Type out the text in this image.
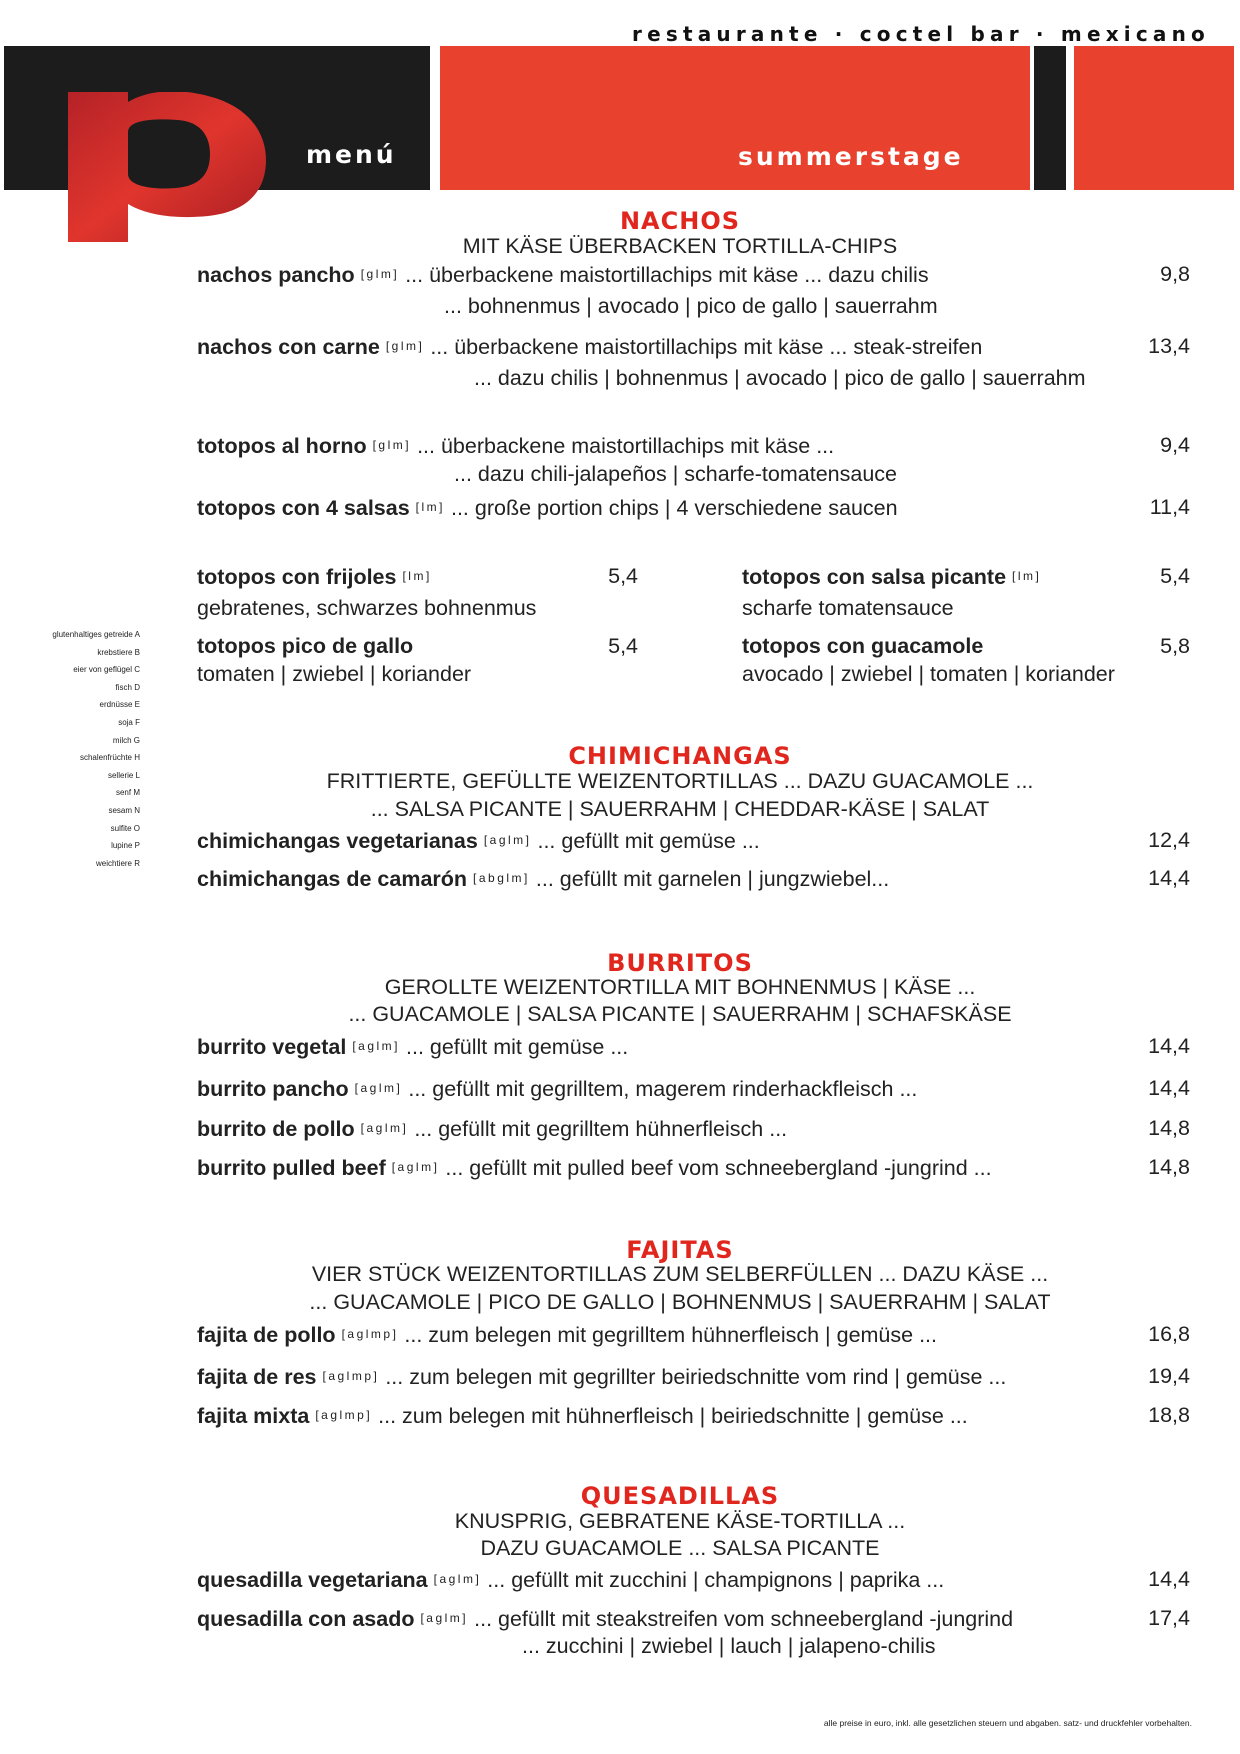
restaurante · coctel bar · mexicano
menú	summerstage
glutenhaltiges getreide A
krebstiere B
eier von geflügel C
fisch D
erdnüsse E
soja F
milch G
schalenfrüchte H
sellerie L
senf M
sesam N
sulfite O
lupine P
weichtiere R
NACHOS
MIT KÄSE ÜBERBACKEN TORTILLA-CHIPS
nachos pancho [glm] ... überbackene maistortillachips mit käse ... dazu chilis	9,8
... bohnenmus | avocado | pico de gallo | sauerrahm
nachos con carne [glm] ... überbackene maistortillachips mit käse ... steak-streifen	13,4
... dazu chilis | bohnenmus | avocado | pico de gallo | sauerrahm
totopos al horno [glm] ... überbackene maistortillachips mit käse ...	9,4
... dazu chili-jalapeños | scharfe-tomatensauce
totopos con 4 salsas [lm] ... große portion chips | 4 verschiedene saucen	11,4
totopos con frijoles [lm]	5,4
gebratenes, schwarzes bohnenmus
totopos con salsa picante [lm]	5,4
scharfe tomatensauce
totopos pico de gallo	5,4
tomaten | zwiebel | koriander
totopos con guacamole	5,8
avocado | zwiebel | tomaten | koriander
CHIMICHANGAS
FRITTIERTE, GEFÜLLTE WEIZENTORTILLAS ... DAZU GUACAMOLE ...
... SALSA PICANTE | SAUERRAHM | CHEDDAR-KÄSE | SALAT
chimichangas vegetarianas [aglm] ... gefüllt mit gemüse ...	12,4
chimichangas de camarón [abglm] ... gefüllt mit garnelen | jungzwiebel...	14,4
BURRITOS
GEROLLTE WEIZENTORTILLA MIT BOHNENMUS | KÄSE ...
... GUACAMOLE | SALSA PICANTE | SAUERRAHM | SCHAFSKÄSE
burrito vegetal [aglm] ... gefüllt mit gemüse ...	14,4
burrito pancho [aglm] ... gefüllt mit gegrilltem, magerem rinderhackfleisch ...	14,4
burrito de pollo [aglm] ... gefüllt mit gegrilltem hühnerfleisch ...	14,8
burrito pulled beef [aglm] ... gefüllt mit pulled beef vom schneebergland -jungrind ...	14,8
FAJITAS
VIER STÜCK WEIZENTORTILLAS ZUM SELBERFÜLLEN ... DAZU KÄSE ...
... GUACAMOLE | PICO DE GALLO | BOHNENMUS | SAUERRAHM | SALAT
fajita de pollo [aglmp] ... zum belegen mit gegrilltem hühnerfleisch | gemüse ...	16,8
fajita de res [aglmp] ... zum belegen mit gegrillter beiriedschnitte vom rind | gemüse ...	19,4
fajita mixta [aglmp] ... zum belegen mit hühnerfleisch | beiriedschnitte | gemüse ...	18,8
QUESADILLAS
KNUSPRIG, GEBRATENE KÄSE-TORTILLA ...
DAZU GUACAMOLE ... SALSA PICANTE
quesadilla vegetariana [aglm] ... gefüllt mit zucchini | champignons | paprika ...	14,4
quesadilla con asado [aglm] ... gefüllt mit steakstreifen vom schneebergland -jungrind	17,4
... zucchini | zwiebel | lauch | jalapeno-chilis
alle preise in euro, inkl. alle gesetzlichen steuern und abgaben. satz- und druckfehler vorbehalten.
